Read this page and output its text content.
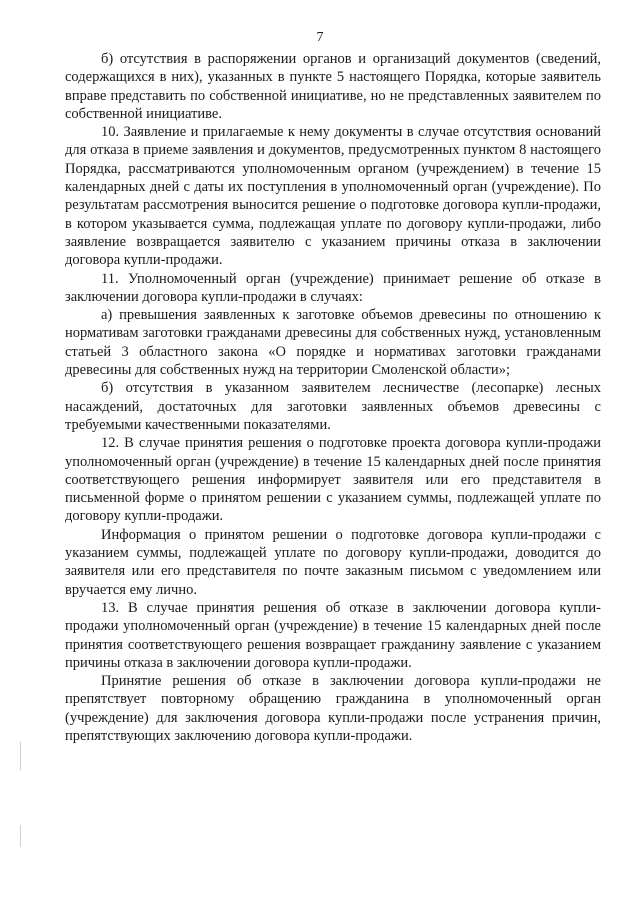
7

б) отсутствия в распоряжении органов и организаций документов (сведений, содержащихся в них), указанных в пункте 5 настоящего Порядка, которые заявитель вправе представить по собственной инициативе, но не представленных заявителем по собственной инициативе.

10. Заявление и прилагаемые к нему документы в случае отсутствия оснований для отказа в приеме заявления и документов, предусмотренных пунктом 8 настоящего Порядка, рассматриваются уполномоченным органом (учреждением) в течение 15 календарных дней с даты их поступления в уполномоченный орган (учреждение). По результатам рассмотрения выносится решение о подготовке договора купли-продажи, в котором указывается сумма, подлежащая уплате по договору купли-продажи, либо заявление возвращается заявителю с указанием причины отказа в заключении договора купли-продажи.

11. Уполномоченный орган (учреждение) принимает решение об отказе в заключении договора купли-продажи в случаях:

а) превышения заявленных к заготовке объемов древесины по отношению к нормативам заготовки гражданами древесины для собственных нужд, установленным статьей 3 областного закона «О порядке и нормативах заготовки гражданами древесины для собственных нужд на территории Смоленской области»;

б) отсутствия в указанном заявителем лесничестве (лесопарке) лесных насаждений, достаточных для заготовки заявленных объемов древесины с требуемыми качественными показателями.

12. В случае принятия решения о подготовке проекта договора купли-продажи уполномоченный орган (учреждение) в течение 15 календарных дней после принятия соответствующего решения информирует заявителя или его представителя в письменной форме о принятом решении с указанием суммы, подлежащей уплате по договору купли-продажи.

Информация о принятом решении о подготовке договора купли-продажи с указанием суммы, подлежащей уплате по договору купли-продажи, доводится до заявителя или его представителя по почте заказным письмом с уведомлением или вручается ему лично.

13. В случае принятия решения об отказе в заключении договора купли-продажи уполномоченный орган (учреждение) в течение 15 календарных дней после принятия соответствующего решения возвращает гражданину заявление с указанием причины отказа в заключении договора купли-продажи.

Принятие решения об отказе в заключении договора купли-продажи не препятствует повторному обращению гражданина в уполномоченный орган (учреждение) для заключения договора купли-продажи после устранения причин, препятствующих заключению договора купли-продажи.
